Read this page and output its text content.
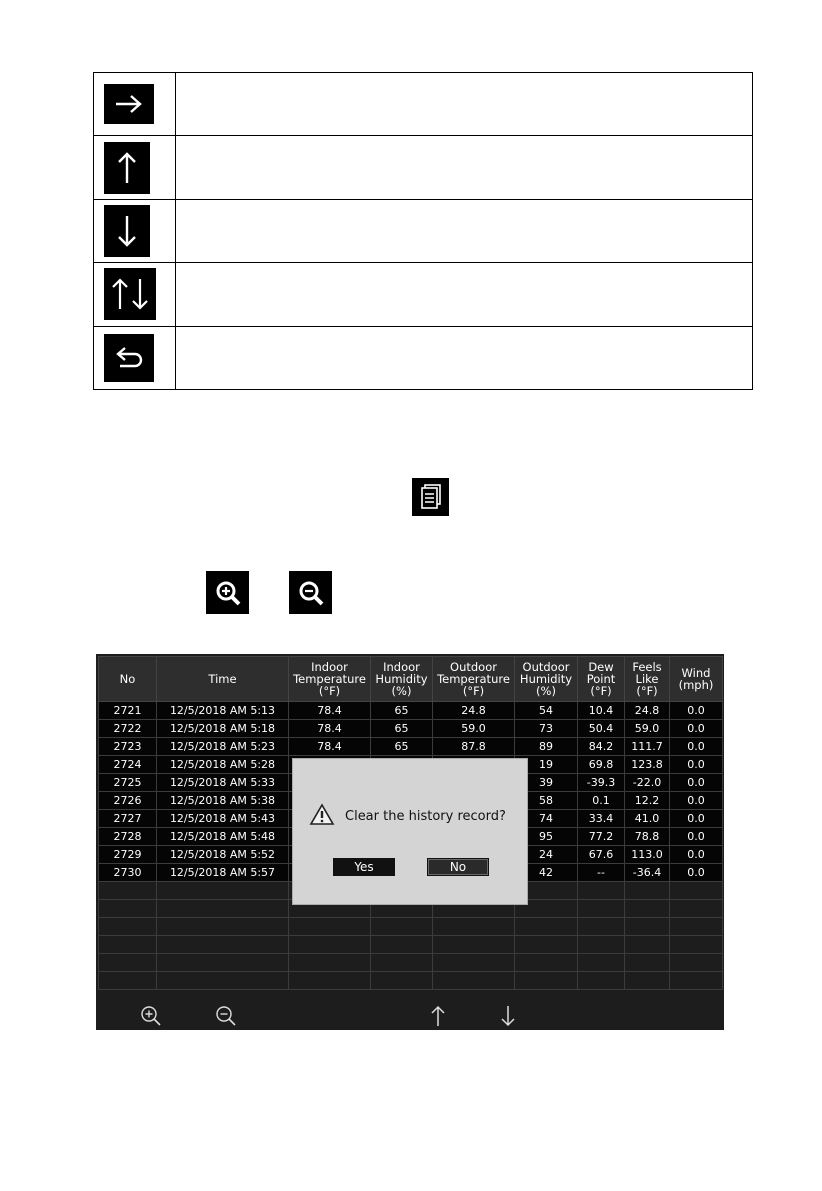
No	Time	Indoor
Temperature
(°F)	Indoor
Humidity
(%)	Outdoor
Temperature
(°F)	Outdoor
Humidity
(%)	Dew
Point
(°F)	Feels
Like
(°F)	Wind
(mph)
2721	12/5/2018 AM 5:13	78.4	65	24.8	54	10.4	24.8	0.0
2722	12/5/2018 AM 5:18	78.4	65	59.0	73	50.4	59.0	0.0
2723	12/5/2018 AM 5:23	78.4	65	87.8	89	84.2	111.7	0.0
2724	12/5/2018 AM 5:28				19	69.8	123.8	0.0
2725	12/5/2018 AM 5:33				39	-39.3	-22.0	0.0
2726	12/5/2018 AM 5:38				58	0.1	12.2	0.0
2727	12/5/2018 AM 5:43				74	33.4	41.0	0.0
2728	12/5/2018 AM 5:48				95	77.2	78.8	0.0
2729	12/5/2018 AM 5:52				24	67.6	113.0	0.0
2730	12/5/2018 AM 5:57				42	--	-36.4	0.0

Clear the history record?
Yes	No
